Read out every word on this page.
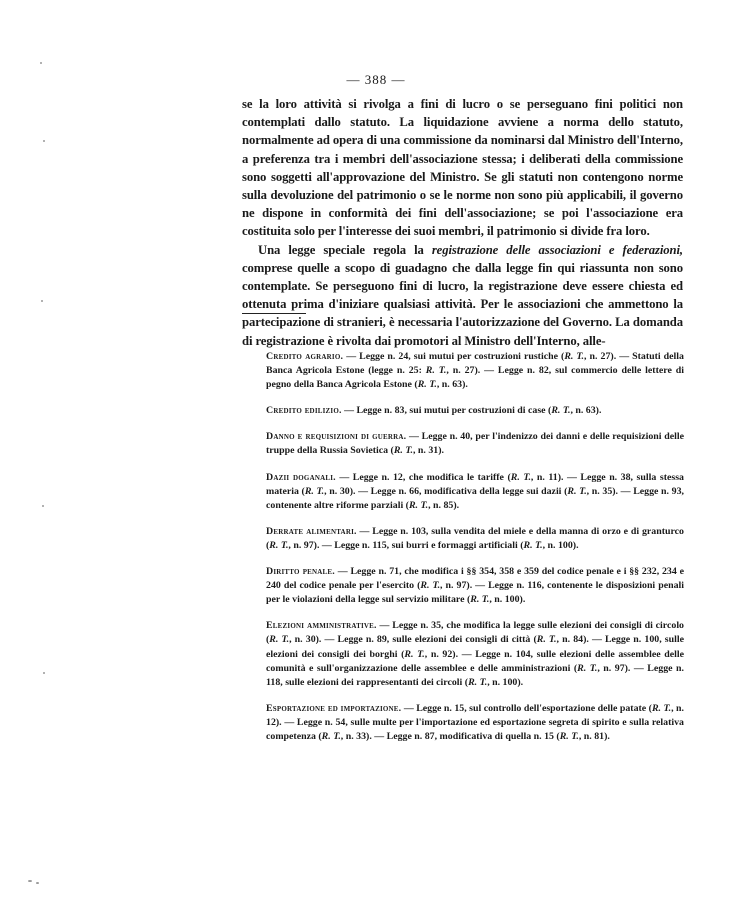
— 388 —

se la loro attività si rivolga a fini di lucro o se perseguano fini politici non contemplati dallo statuto. La liquidazione avviene a norma dello statuto, normalmente ad opera di una commissione da nominarsi dal Ministro dell'Interno, a preferenza tra i membri dell'associazione stessa; i deliberati della commissione sono soggetti all'approvazione del Ministro. Se gli statuti non contengono norme sulla devoluzione del patrimonio o se le norme non sono più applicabili, il governo ne dispone in conformità dei fini dell'associazione; se poi l'associazione era costituita solo per l'interesse dei suoi membri, il patrimonio si divide fra loro.

Una legge speciale regola la registrazione delle associazioni e federazioni, comprese quelle a scopo di guadagno che dalla legge fin qui riassunta non sono contemplate. Se perseguono fini di lucro, la registrazione deve essere chiesta ed ottenuta prima d'iniziare qualsiasi attività. Per le associazioni che ammettono la partecipazione di stranieri, è necessaria l'autorizzazione del Governo. La domanda di registrazione è rivolta dai promotori al Ministro dell'Interno, alle-

Credito agrario. — Legge n. 24, sui mutui per costruzioni rustiche (R. T., n. 27). — Statuti della Banca Agricola Estone (legge n. 25: R. T., n. 27). — Legge n. 82, sul commercio delle lettere di pegno della Banca Agricola Estone (R. T., n. 63).

Credito edilizio. — Legge n. 83, sui mutui per costruzioni di case (R. T., n. 63).

Danno e requisizioni di guerra. — Legge n. 40, per l'indenizzo dei danni e delle requisizioni delle truppe della Russia Sovietica (R. T., n. 31).

Dazii doganali. — Legge n. 12, che modifica le tariffe (R. T., n. 11). — Legge n. 38, sulla stessa materia (R. T., n. 30). — Legge n. 66, modificativa della legge sui dazii (R. T., n. 35). — Legge n. 93, contenente altre riforme parziali (R. T., n. 85).

Derrate alimentari. — Legge n. 103, sulla vendita del miele e della manna di orzo e di granturco (R. T., n. 97). — Legge n. 115, sui burri e formaggi artificiali (R. T., n. 100).

Diritto penale. — Legge n. 71, che modifica i §§ 354, 358 e 359 del codice penale e i §§ 232, 234 e 240 del codice penale per l'esercito (R. T., n. 97). — Legge n. 116, contenente le disposizioni penali per le violazioni della legge sul servizio militare (R. T., n. 100).

Elezioni amministrative. — Legge n. 35, che modifica la legge sulle elezioni dei consigli di circolo (R. T., n. 30). — Legge n. 89, sulle elezioni dei consigli di città (R. T., n. 84). — Legge n. 100, sulle elezioni dei consigli dei borghi (R. T., n. 92). — Legge n. 104, sulle elezioni delle assemblee delle comunità e sull'organizzazione delle assemblee e delle amministrazioni (R. T., n. 97). — Legge n. 118, sulle elezioni dei rappresentanti dei circoli (R. T., n. 100).

Esportazione ed importazione. — Legge n. 15, sul controllo dell'esportazione delle patate (R. T., n. 12). — Legge n. 54, sulle multe per l'importazione ed esportazione segreta di spirito e sulla relativa competenza (R. T., n. 33). — Legge n. 87, modificativa di quella n. 15 (R. T., n. 81).
